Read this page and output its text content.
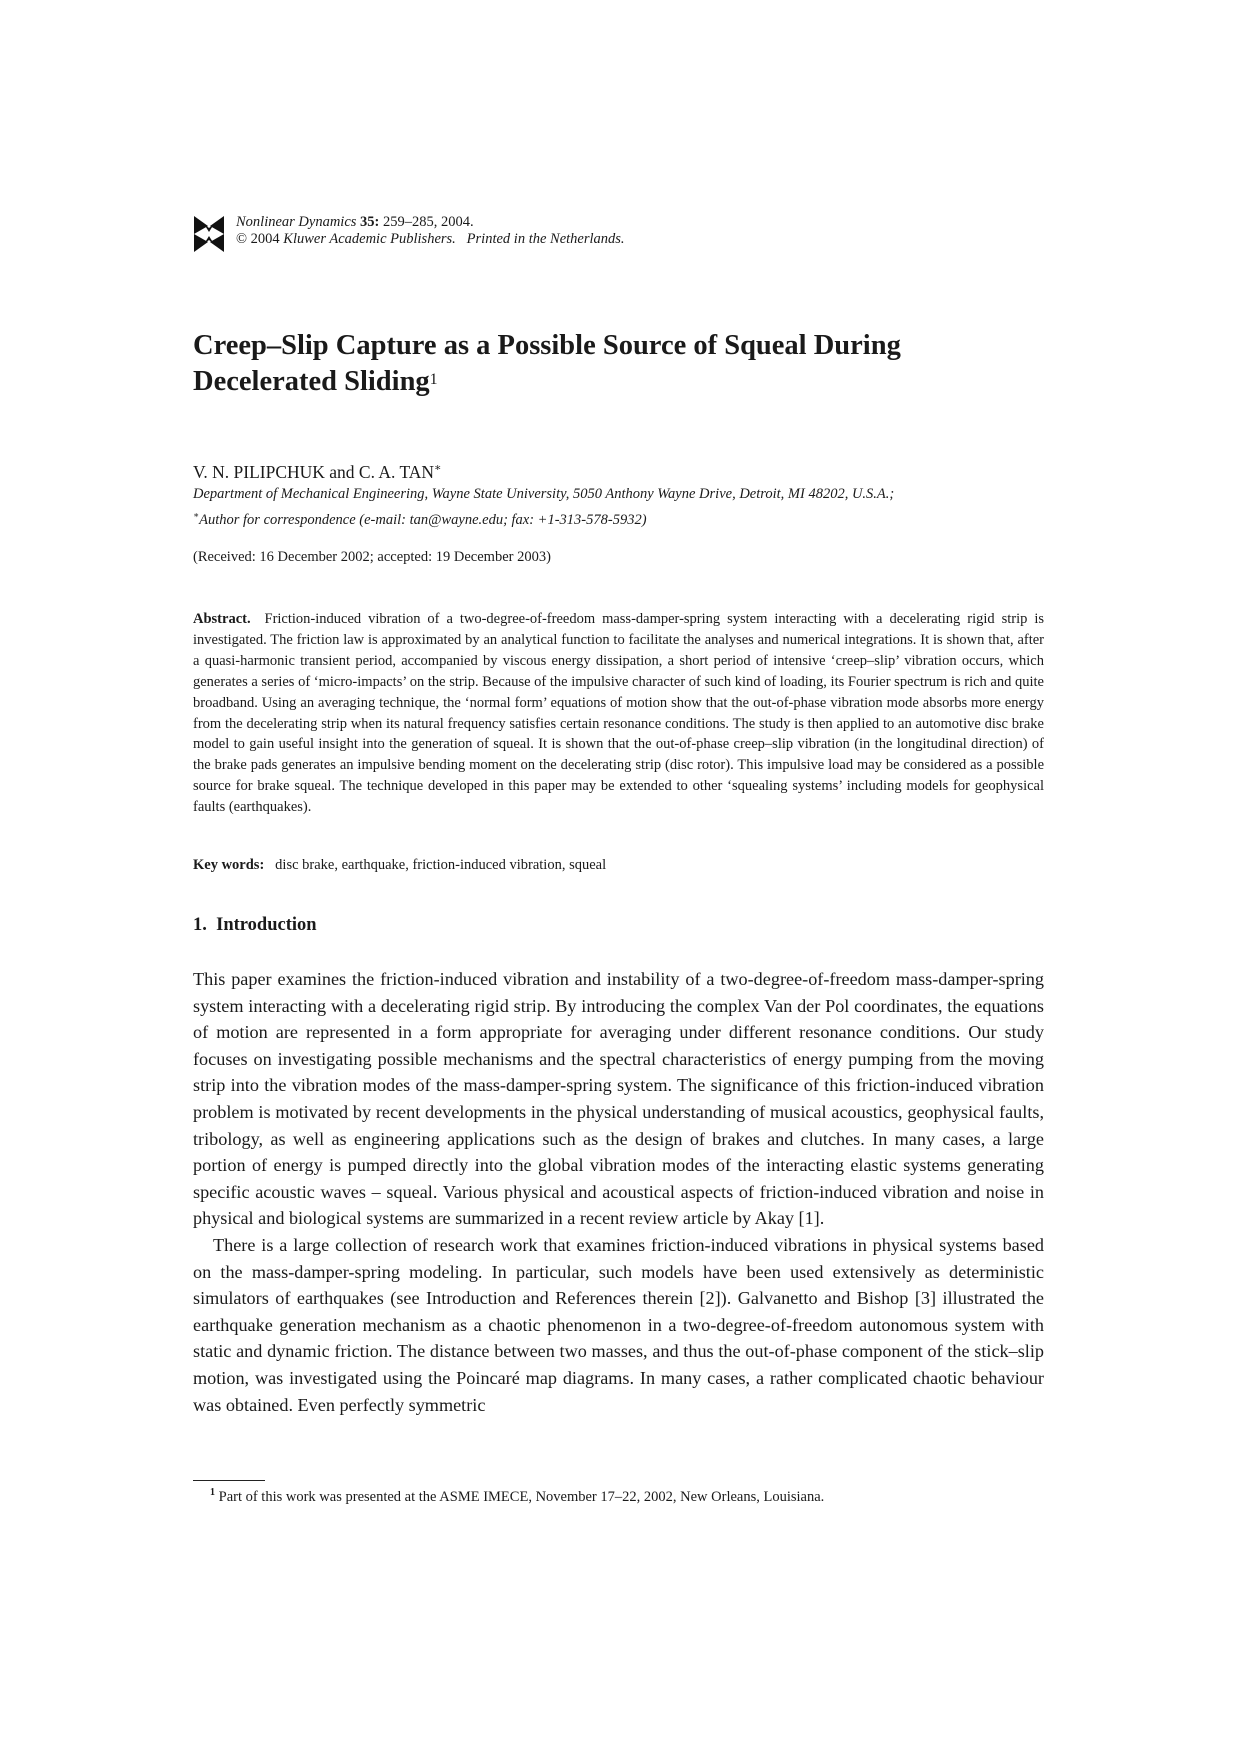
Nonlinear Dynamics 35: 259–285, 2004.
© 2004 Kluwer Academic Publishers. Printed in the Netherlands.
Creep–Slip Capture as a Possible Source of Squeal During
Decelerated Sliding$^1$
V. N. PILIPCHUK and C. A. TAN∗
Department of Mechanical Engineering, Wayne State University, 5050 Anthony Wayne Drive, Detroit, MI 48202, U.S.A.;
∗Author for correspondence (e-mail: tan@wayne.edu; fax: +1-313-578-5932)
(Received: 16 December 2002; accepted: 19 December 2003)

Abstract. Friction-induced vibration of a two-degree-of-freedom mass-damper-spring system interacting with a decelerating rigid strip is investigated. The friction law is approximated by an analytical function to facilitate the analyses and numerical integrations. It is shown that, after a quasi-harmonic transient period, accompanied by viscous energy dissipation, a short period of intensive ‘creep–slip’ vibration occurs, which generates a series of ‘micro-impacts’ on the strip. Because of the impulsive character of such kind of loading, its Fourier spectrum is rich and quite broadband. Using an averaging technique, the ‘normal form’ equations of motion show that the out-of-phase vibration mode absorbs more energy from the decelerating strip when its natural frequency satisfies certain resonance conditions. The study is then applied to an automotive disc brake model to gain useful insight into the generation of squeal. It is shown that the out-of-phase creep–slip vibration (in the longitudinal direction) of the brake pads generates an impulsive bending moment on the decelerating strip (disc rotor). This impulsive load may be considered as a possible source for brake squeal. The technique developed in this paper may be extended to other ‘squealing systems’ including models for geophysical faults (earthquakes).

Key words: disc brake, earthquake, friction-induced vibration, squeal
1. Introduction

This paper examines the friction-induced vibration and instability of a two-degree-of-freedom mass-damper-spring system interacting with a decelerating rigid strip. By introducing the complex Van der Pol coordinates, the equations of motion are represented in a form appropriate for averaging under different resonance conditions. Our study focuses on investigating possible mechanisms and the spectral characteristics of energy pumping from the moving strip into the vibration modes of the mass-damper-spring system. The significance of this friction-induced vibration problem is motivated by recent developments in the physical understanding of musical acoustics, geophysical faults, tribology, as well as engineering applications such as the design of brakes and clutches. In many cases, a large portion of energy is pumped directly into the global vibration modes of the interacting elastic systems generating specific acoustic waves – squeal. Various physical and acoustical aspects of friction-induced vibration and noise in physical and biological systems are summarized in a recent review article by Akay [1].

There is a large collection of research work that examines friction-induced vibrations in physical systems based on the mass-damper-spring modeling. In particular, such models have been used extensively as deterministic simulators of earthquakes (see Introduction and References therein [2]). Galvanetto and Bishop [3] illustrated the earthquake generation mechanism as a chaotic phenomenon in a two-degree-of-freedom autonomous system with static and dynamic friction. The distance between two masses, and thus the out-of-phase component of the stick–slip motion, was investigated using the Poincaré map diagrams. In many cases, a rather complicated chaotic behaviour was obtained. Even perfectly symmetric

$^1$ Part of this work was presented at the ASME IMECE, November 17–22, 2002, New Orleans, Louisiana.
